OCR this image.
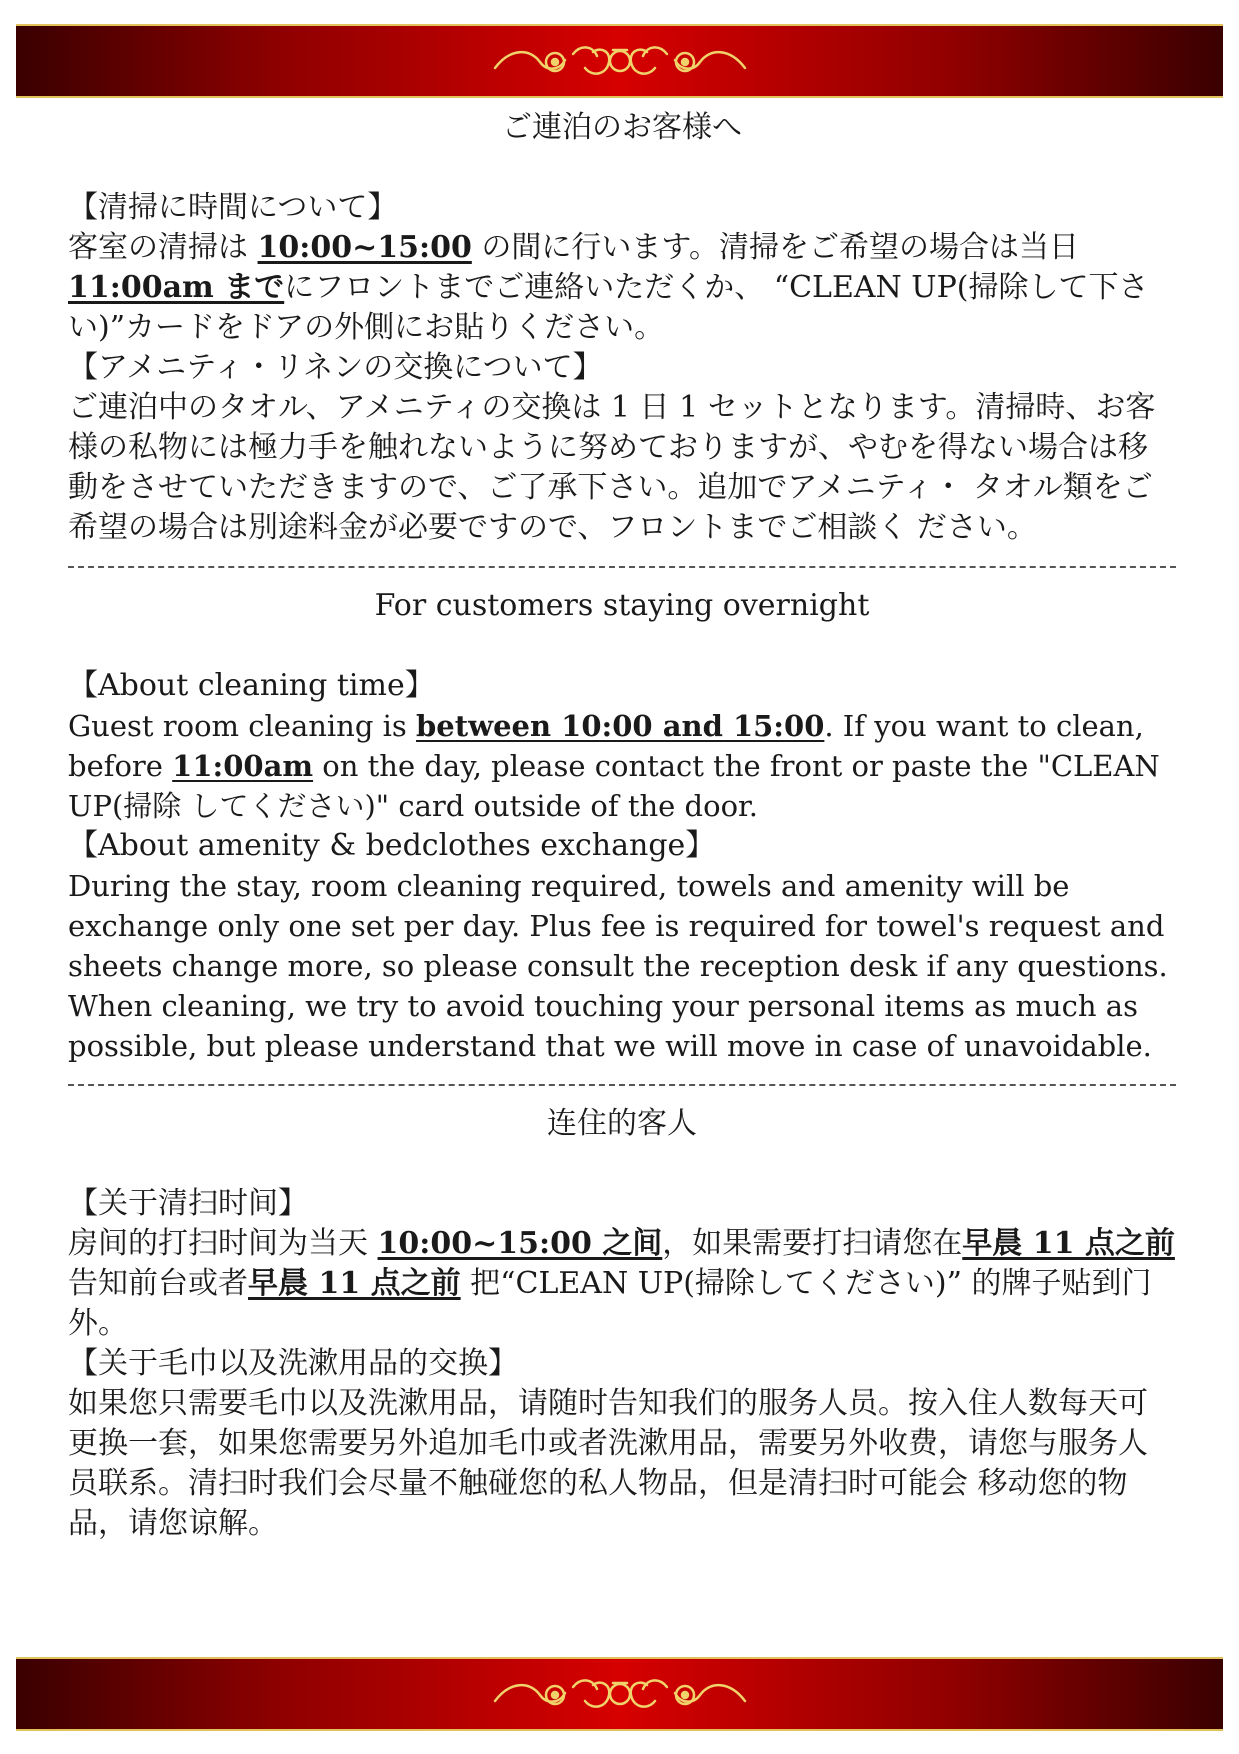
ご連泊のお客様へ
【清掃に時間について】

客室の清掃は 10:00~15:00 の間に行います。清掃をご希望の場合は当日11:00am までにフロントまでご連絡いただくか、 “CLEAN UP(掃除して下さ い)”カードをドアの外側にお貼りください。

【アメニティ・リネンの交換について】

ご連泊中のタオル、アメニティの交換は 1 日 1 セットとなります。清掃時、お客様の私物には極力手を触れないように努めておりますが、やむを得ない場合は移動をさせていただきますので、ご了承下さい。追加でアメニティ・ タオル類をご希望の場合は別途料金が必要ですので、フロントまでご相談く ださい。

For customers staying overnight
【About cleaning time】

Guest room cleaning is between 10:00 and 15:00. If you want to clean, before 11:00am on the day, please contact the front or paste the "CLEAN UP(掃除 してください)" card outside of the door.

【About amenity & bedclothes exchange】

During the stay, room cleaning required, towels and amenity will be exchange only one set per day. Plus fee is required for towel's request and sheets change more, so please consult the reception desk if any questions. When cleaning, we try to avoid touching your personal items as much as possible, but please understand that we will move in case of unavoidable.

连住的客人
【关于清扫时间】

房间的打扫时间为当天 10:00~15:00 之间，如果需要打扫请您在早晨 11 点之前告知前台或者早晨 11 点之前 把“CLEAN UP(掃除してください)” 的牌子贴到门外。

【关于毛巾以及洗漱用品的交换】

如果您只需要毛巾以及洗漱用品，请随时告知我们的服务人员。按入住人数每天可更换一套，如果您需要另外追加毛巾或者洗漱用品，需要另外收费，请您与服务人员联系。清扫时我们会尽量不触碰您的私人物品，但是清扫时可能会 移动您的物品，请您谅解。
